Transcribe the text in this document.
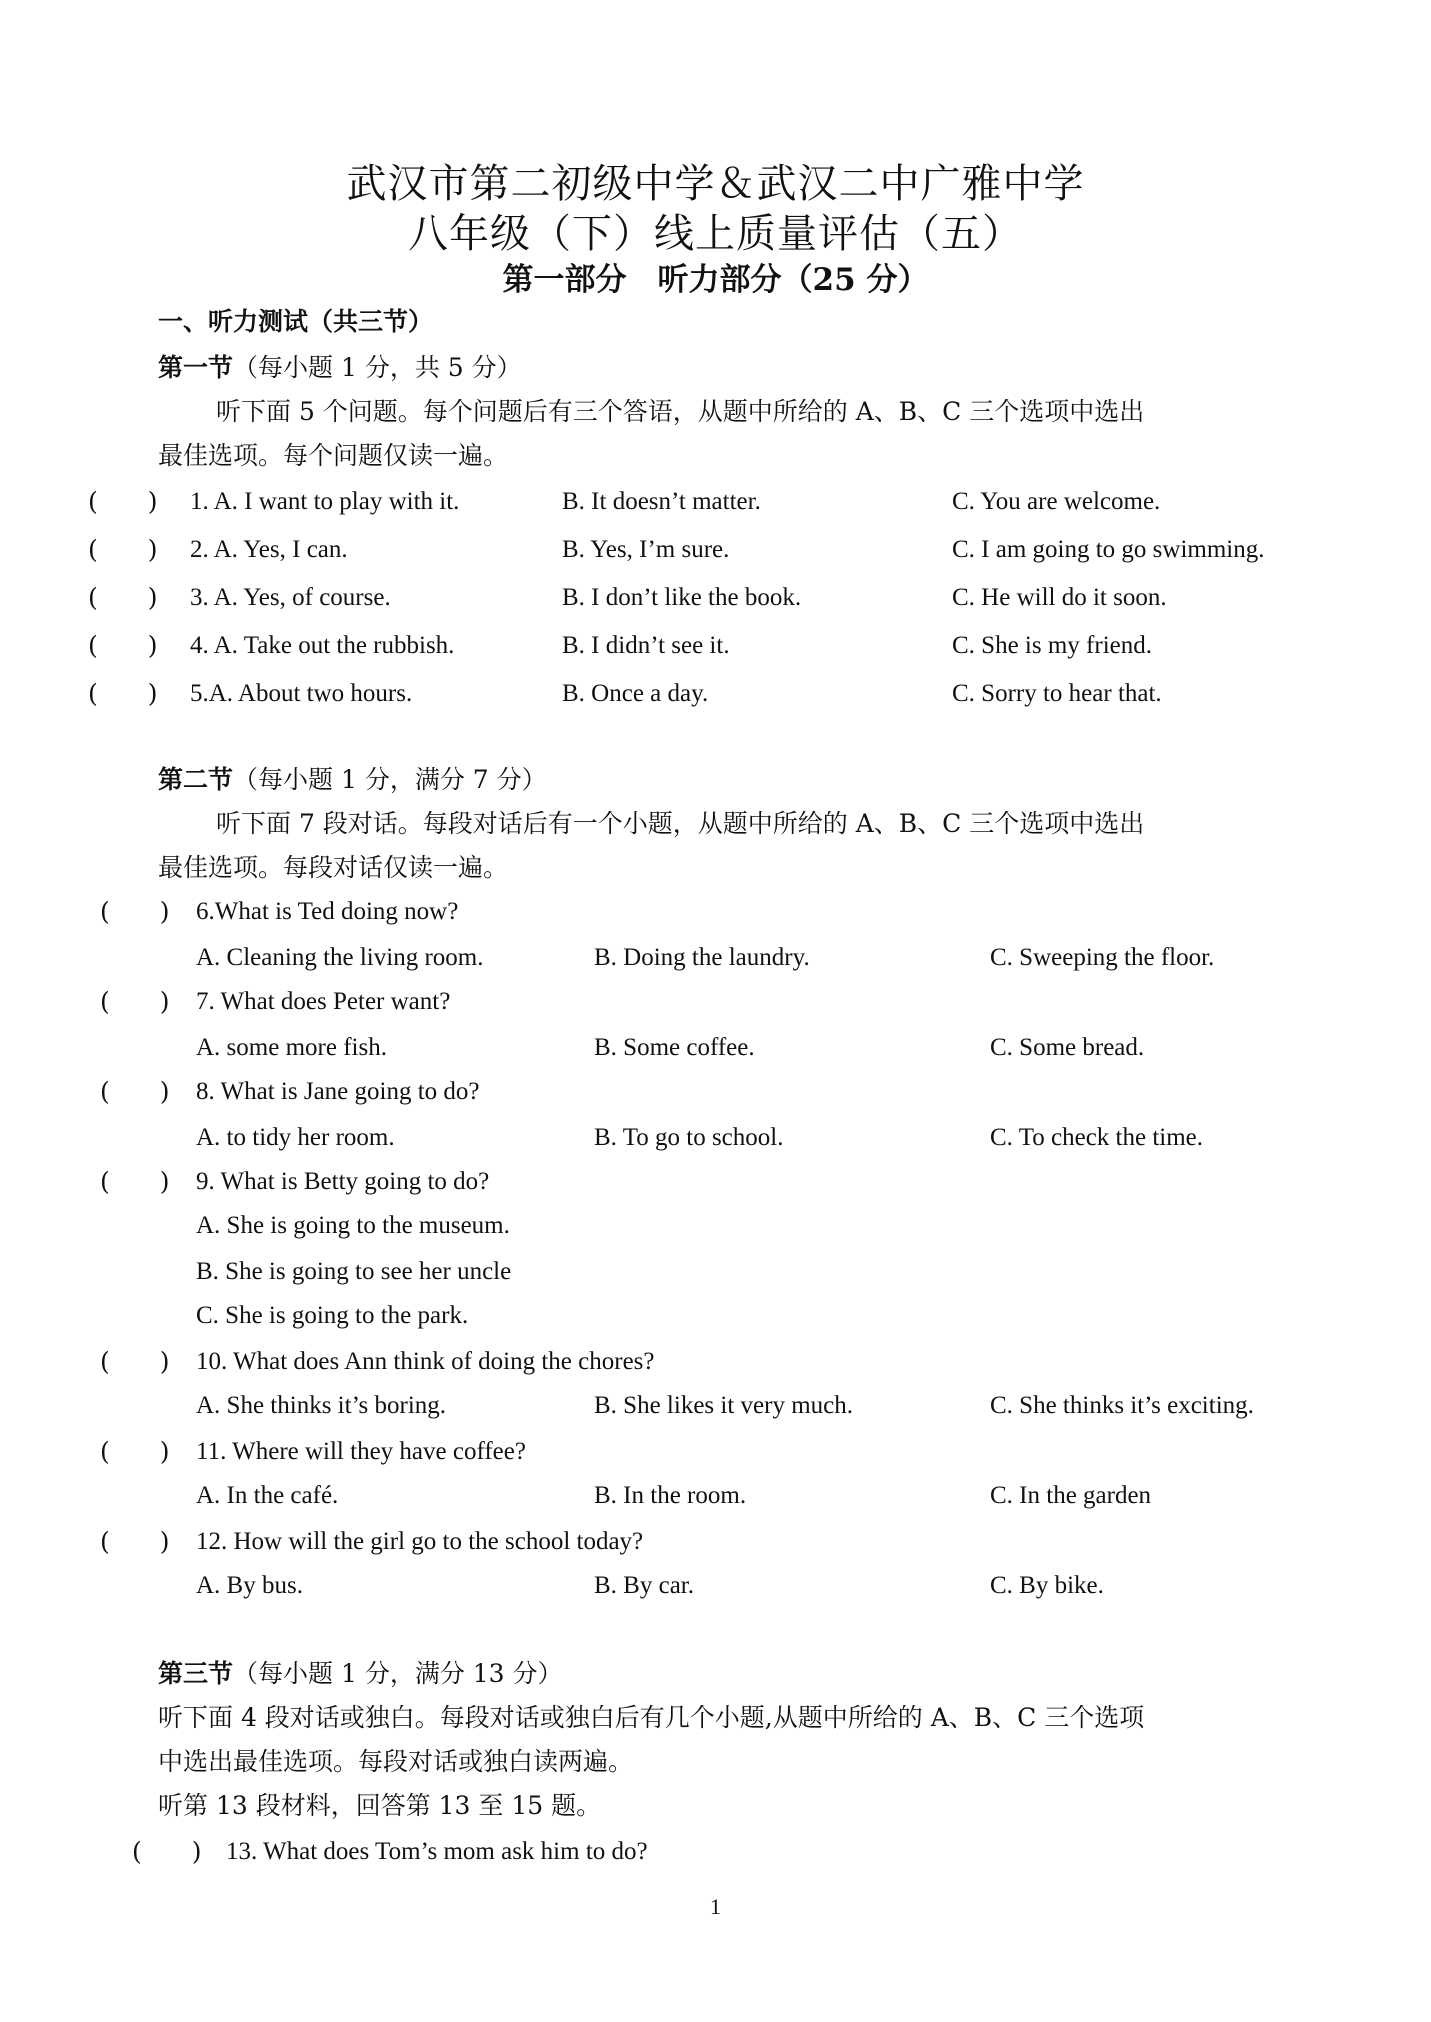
武汉市第二初级中学＆武汉二中广雅中学
八年级（下）线上质量评估（五）
第一部分　听力部分（25 分）
一、听力测试（共三节）
第一节（每小题 1 分，共 5 分）
听下面 5 个问题。每个问题后有三个答语，从题中所给的 A、B、C 三个选项中选出
最佳选项。每个问题仅读一遍。
(　　) 1. A. I want to play with it.	B. It doesn’t matter.	C. You are welcome.
(　　) 2. A. Yes, I can.	B. Yes, I’m sure.	C. I am going to go swimming.
(　　) 3. A. Yes, of course.	B. I don’t like the book.	C. He will do it soon.
(　　) 4. A. Take out the rubbish.	B. I didn’t see it.	C. She is my friend.
(　　) 5.A. About two hours.	B. Once a day.	C. Sorry to hear that.
第二节（每小题 1 分，满分 7 分）
听下面 7 段对话。每段对话后有一个小题，从题中所给的 A、B、C 三个选项中选出
最佳选项。每段对话仅读一遍。
(　　) 6.What is Ted doing now?
A. Cleaning the living room.	B. Doing the laundry.	C. Sweeping the floor.
(　　) 7. What does Peter want?
A. some more fish.	B. Some coffee.	C. Some bread.
(　　) 8. What is Jane going to do?
A. to tidy her room.	B. To go to school.	C. To check the time.
(　　) 9. What is Betty going to do?
A. She is going to the museum.
B. She is going to see her uncle
C. She is going to the park.
(　　) 10. What does Ann think of doing the chores?
A. She thinks it’s boring.	B. She likes it very much.	C. She thinks it’s exciting.
(　　) 11. Where will they have coffee?
A. In the café.	B. In the room.	C. In the garden
(　　) 12. How will the girl go to the school today?
A. By bus.	B. By car.	C. By bike.
第三节（每小题 1 分，满分 13 分）
听下面 4 段对话或独白。每段对话或独白后有几个小题,从题中所给的 A、B、C 三个选项
中选出最佳选项。每段对话或独白读两遍。
听第 13 段材料，回答第 13 至 15 题。
(　　) 13. What does Tom’s mom ask him to do?
1
